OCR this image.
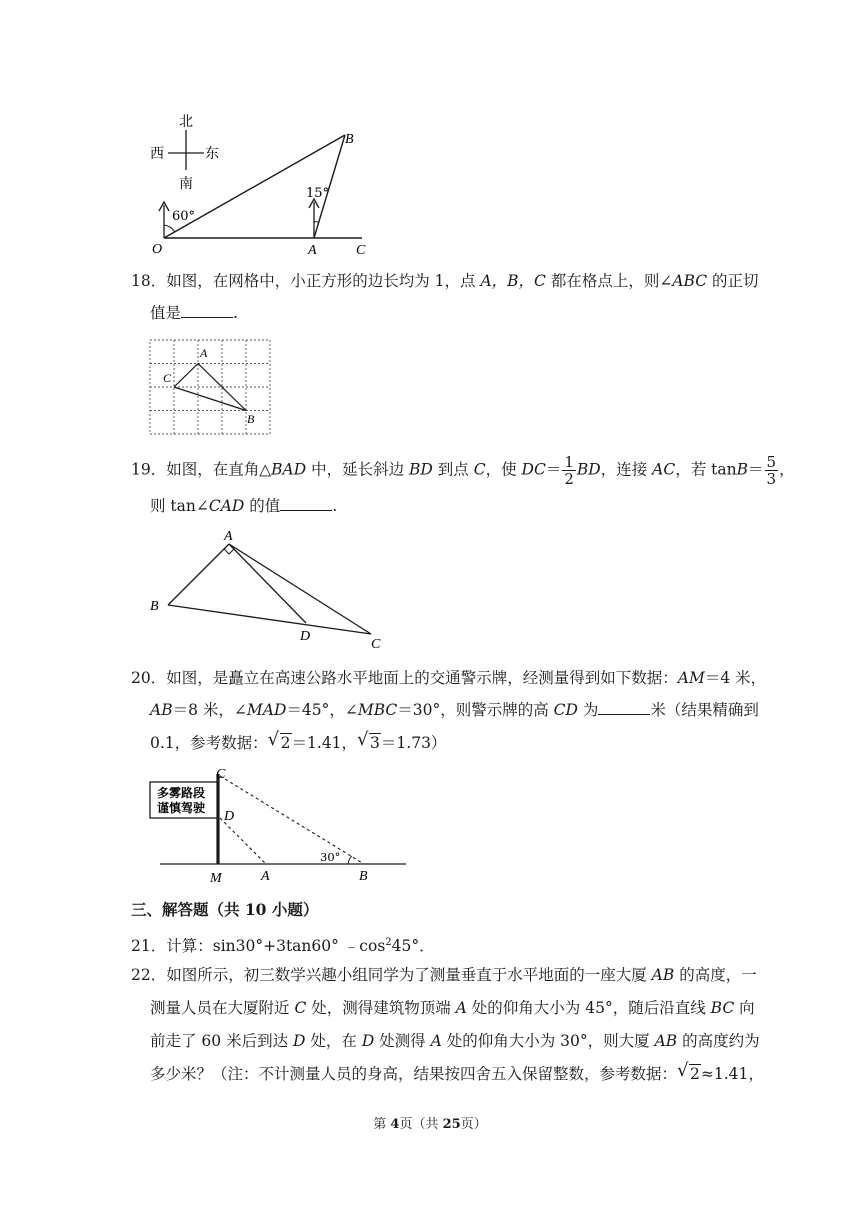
北
南
西	东
60°
15°
O	A
B
C
18．如图，在网格中，小正方形的边长均为 1，点 A，B，C 都在格点上，则∠ABC 的正切
值是	.
A
C
B
19．如图，在直角△BAD 中，延长斜边 BD 到点 C，使 $DC= \frac{1}{2}$ BD，连接 AC，若 $\tan B= \frac{5}{3}$ ，
则 tan∠CAD 的值	.
A
B
D
C
20．如图，是矗立在高速公路水平地面上的交通警示牌，经测量得到如下数据：AM＝4 米，
AB＝8 米，∠MAD＝45°，∠MBC＝30°，则警示牌的高 CD 为	米（结果精确到
0.1，参考数据： √ 2＝1.41， √ 3＝1.73）
多雾路段
谨慎驾驶
30°
C
D
M	A	B
三、解答题（共 10 小题）
21．计算：sin30°+3tan60° $﹣\cos^245^\circ$．
22．如图所示，初三数学兴趣小组同学为了测量垂直于水平地面的一座大厦 AB 的高度，一
测量人员在大厦附近 C 处，测得建筑物顶端 A 处的仰角大小为 45°，随后沿直线 BC 向
前走了 60 米后到达 D 处，在 D 处测得 A 处的仰角大小为 30°，则大厦 AB 的高度约为
多少米？（注：不计测量人员的身高，结果按四舍五入保留整数，参考数据： √ 2≈1.41，
第 4页（共 25页）
